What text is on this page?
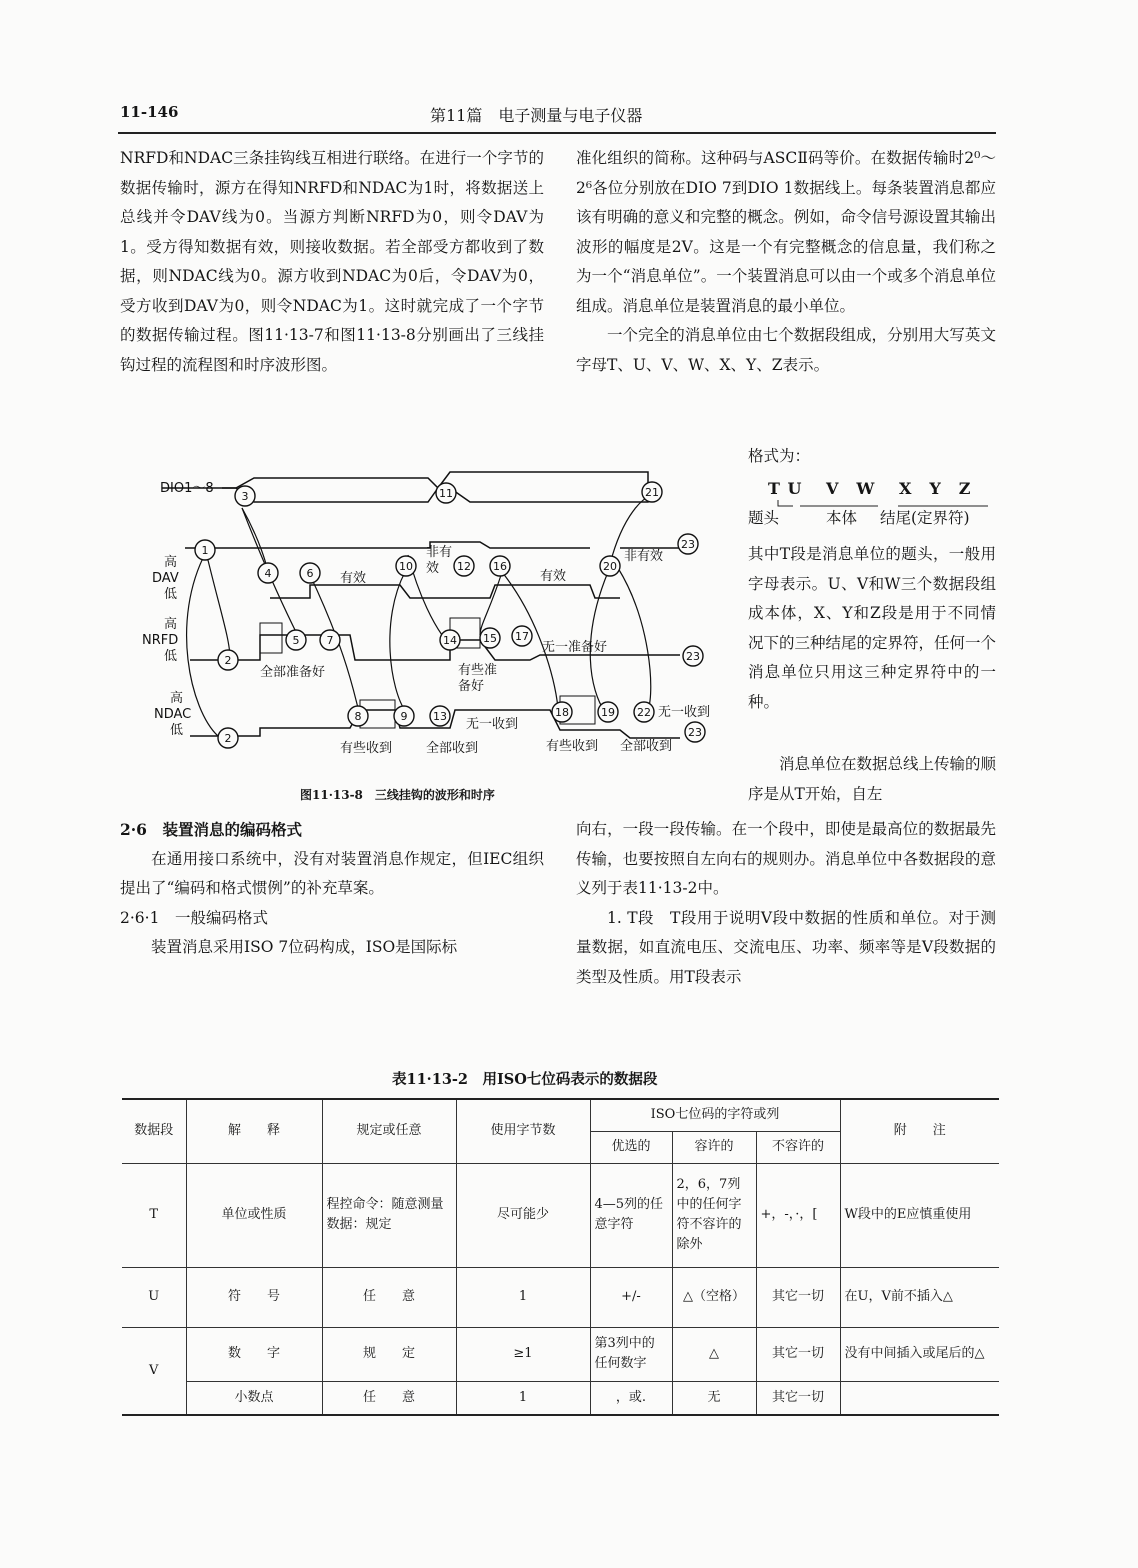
11-146	第11篇　电子测量与电子仪器

NRFD和NDAC三条挂钩线互相进行联络。在进行一个字节的数据传输时，源方在得知NRFD和NDAC为1时，将数据送上总线并令DAV线为0。当源方判断NRFD为0，则令DAV为1。受方得知数据有效，则接收数据。若全部受方都收到了数据，则NDAC线为0。源方收到NDAC为0后，令DAV为0，受方收到DAV为0，则令NDAC为1。这时就完成了一个字节的数据传输过程。图11·13-7和图11·13-8分别画出了三线挂钩过程的流程图和时序波形图。

准化组织的简称。这种码与ASCⅡ码等价。在数据传输时2⁰～2⁶各位分别放在DIO 7到DIO 1数据线上。每条装置消息都应该有明确的意义和完整的概念。例如，命令信号源设置其输出波形的幅度是2V。这是一个有完整概念的信息量，我们称之为一个“消息单位”。一个装置消息可以由一个或多个消息单位组成。消息单位是装置消息的最小单位。

一个完全的消息单位由七个数据段组成，分别用大写英文字母T、U、V、W、X、Y、Z表示。

格式为：
T U　 V　W　 X　Y　Z
题头	本体 结尾(定界符)

其中T段是消息单位的题头，一般用字母表示。U、V和W三个数据段组成本体，X、Y和Z段是用于不同情况下的三种结尾的定界符，任何一个消息单位只用这三种定界符中的一种。

消息单位在数据总线上传输的顺序是从T开始，自左

向右，一段一段传输。在一个段中，即使是最高位的数据最先传输，也要按照自左向右的规则办。消息单位中各数据段的意义列于表11·13-2中。

1. T段　T段用于说明V段中数据的性质和单位。对于测量数据，如直流电压、交流电压、功率、频率等是V段数据的类型及性质。用T段表示

3
1
2
2
4
5
6
7
8	9
10
11
12
13
14 15
16
17
18	19
20
21
22
23
23
23
DIO1～8
高
DAV
低
高
NRFD
低
高
NDAC
低
有效
非有
效
有效
非有效
全部准备好	有些准
备好
无一准备好
有些收到	全部收到
无一收到
有些收到 全部收到
无一收到
图11·13-8　三线挂钩的波形和时序

2·6　装置消息的编码格式

在通用接口系统中，没有对装置消息作规定，但IEC组织提出了“编码和格式惯例”的补充草案。

2·6·1　一般编码格式

装置消息采用ISO 7位码构成，ISO是国际标

表11·13-2　用ISO七位码表示的数据段
数据段	解　　释	规定或任意	使用字节数	ISO七位码的字符或列			附　　注
				优选的	容许的	不容许的	
T	单位或性质	程控命令：随意测量数据：规定	尽可能少	4—5列的任意字符	2，6，7列中的任何字符不容许的除外	+，-，·，[	W段中的E应慎重使用
U	符　　号	任　　意	1	+/-	△（空格）	其它一切	在U，V前不插入△
V	数　　字	规　　定	≥1	第3列中的任何数字	△	其它一切	没有中间插入或尾后的△
	小数点	任　　意	1	，或.	无	其它一切	
